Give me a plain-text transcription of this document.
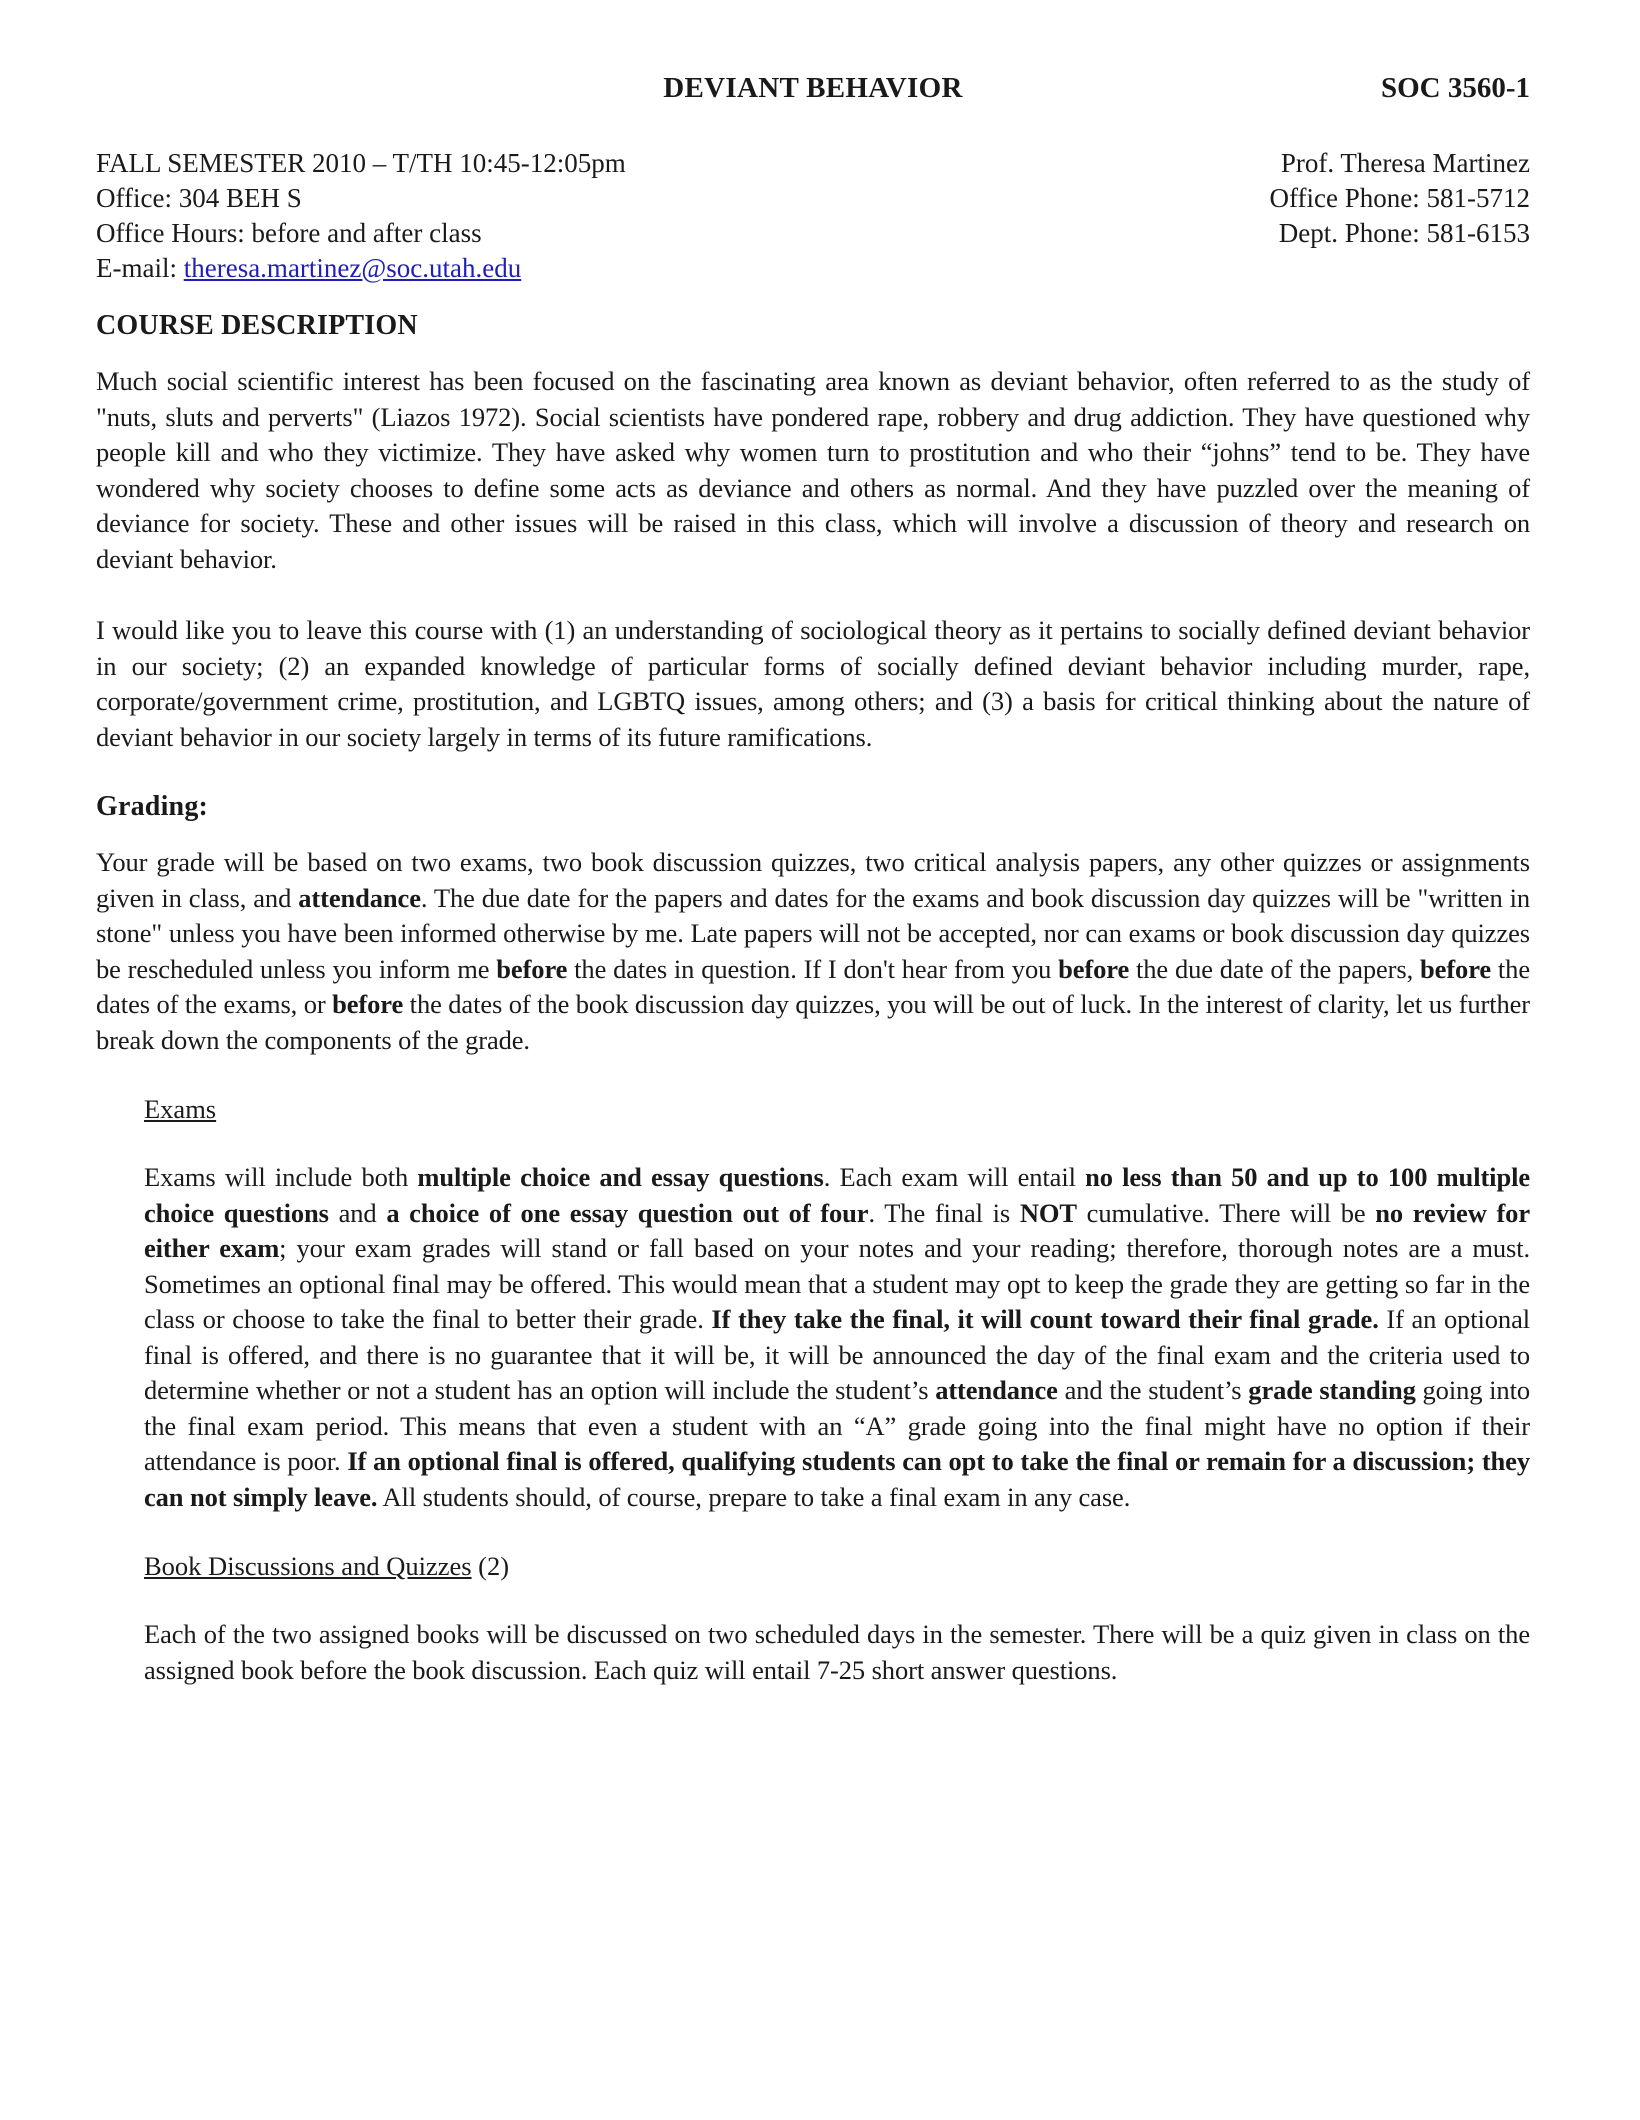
DEVIANT BEHAVIOR	SOC 3560-1
FALL SEMESTER 2010 – T/TH 10:45-12:05pm
Office: 304 BEH S
Office Hours: before and after class
E-mail: theresa.martinez@soc.utah.edu
Prof. Theresa Martinez
Office Phone: 581-5712
Dept. Phone: 581-6153
COURSE DESCRIPTION

Much social scientific interest has been focused on the fascinating area known as deviant behavior, often referred to as the study of "nuts, sluts and perverts" (Liazos 1972). Social scientists have pondered rape, robbery and drug addiction. They have questioned why people kill and who they victimize. They have asked why women turn to prostitution and who their “johns” tend to be. They have wondered why society chooses to define some acts as deviance and others as normal. And they have puzzled over the meaning of deviance for society. These and other issues will be raised in this class, which will involve a discussion of theory and research on deviant behavior.

I would like you to leave this course with (1) an understanding of sociological theory as it pertains to socially defined deviant behavior in our society; (2) an expanded knowledge of particular forms of socially defined deviant behavior including murder, rape, corporate/government crime, prostitution, and LGBTQ issues, among others; and (3) a basis for critical thinking about the nature of deviant behavior in our society largely in terms of its future ramifications.

Grading:

Your grade will be based on two exams, two book discussion quizzes, two critical analysis papers, any other quizzes or assignments given in class, and attendance. The due date for the papers and dates for the exams and book discussion day quizzes will be "written in stone" unless you have been informed otherwise by me. Late papers will not be accepted, nor can exams or book discussion day quizzes be rescheduled unless you inform me before the dates in question. If I don't hear from you before the due date of the papers, before the dates of the exams, or before the dates of the book discussion day quizzes, you will be out of luck. In the interest of clarity, let us further break down the components of the grade.

Exams

Exams will include both multiple choice and essay questions. Each exam will entail no less than 50 and up to 100 multiple choice questions and a choice of one essay question out of four. The final is NOT cumulative. There will be no review for either exam; your exam grades will stand or fall based on your notes and your reading; therefore, thorough notes are a must. Sometimes an optional final may be offered. This would mean that a student may opt to keep the grade they are getting so far in the class or choose to take the final to better their grade. If they take the final, it will count toward their final grade. If an optional final is offered, and there is no guarantee that it will be, it will be announced the day of the final exam and the criteria used to determine whether or not a student has an option will include the student’s attendance and the student’s grade standing going into the final exam period. This means that even a student with an “A” grade going into the final might have no option if their attendance is poor. If an optional final is offered, qualifying students can opt to take the final or remain for a discussion; they can not simply leave. All students should, of course, prepare to take a final exam in any case.

Book Discussions and Quizzes (2)

Each of the two assigned books will be discussed on two scheduled days in the semester. There will be a quiz given in class on the assigned book before the book discussion. Each quiz will entail 7-25 short answer questions.
